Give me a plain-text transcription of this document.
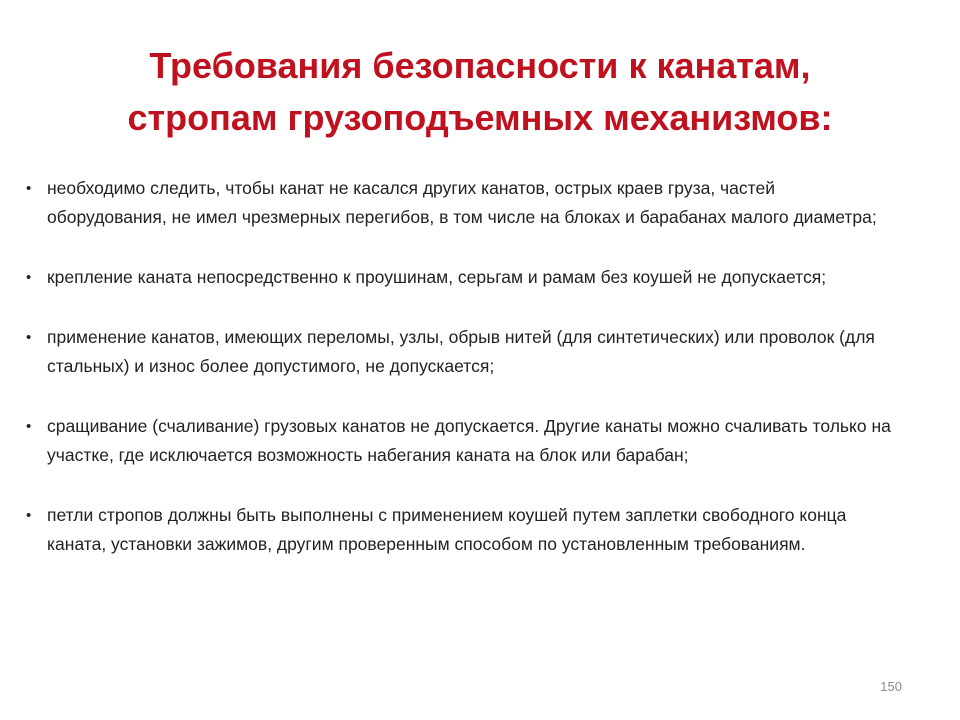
Требования безопасности к канатам,
стропам грузоподъемных механизмов:
• необходимо следить, чтобы канат не касался других канатов, острых краев груза, частей оборудования, не имел чрезмерных перегибов, в том числе на блоках и барабанах малого диаметра;
• крепление каната непосредственно к проушинам, серьгам и рамам без коушей не допускается;
• применение канатов, имеющих переломы, узлы, обрыв нитей (для синтетических) или проволок (для стальных) и износ более допустимого, не допускается;
• сращивание (счаливание) грузовых канатов не допускается. Другие канаты можно счаливать только на участке, где исключается возможность набегания каната на блок или барабан;
• петли стропов должны быть выполнены с применением коушей путем заплетки свободного конца каната, установки зажимов, другим проверенным способом по установленным требованиям.
150
